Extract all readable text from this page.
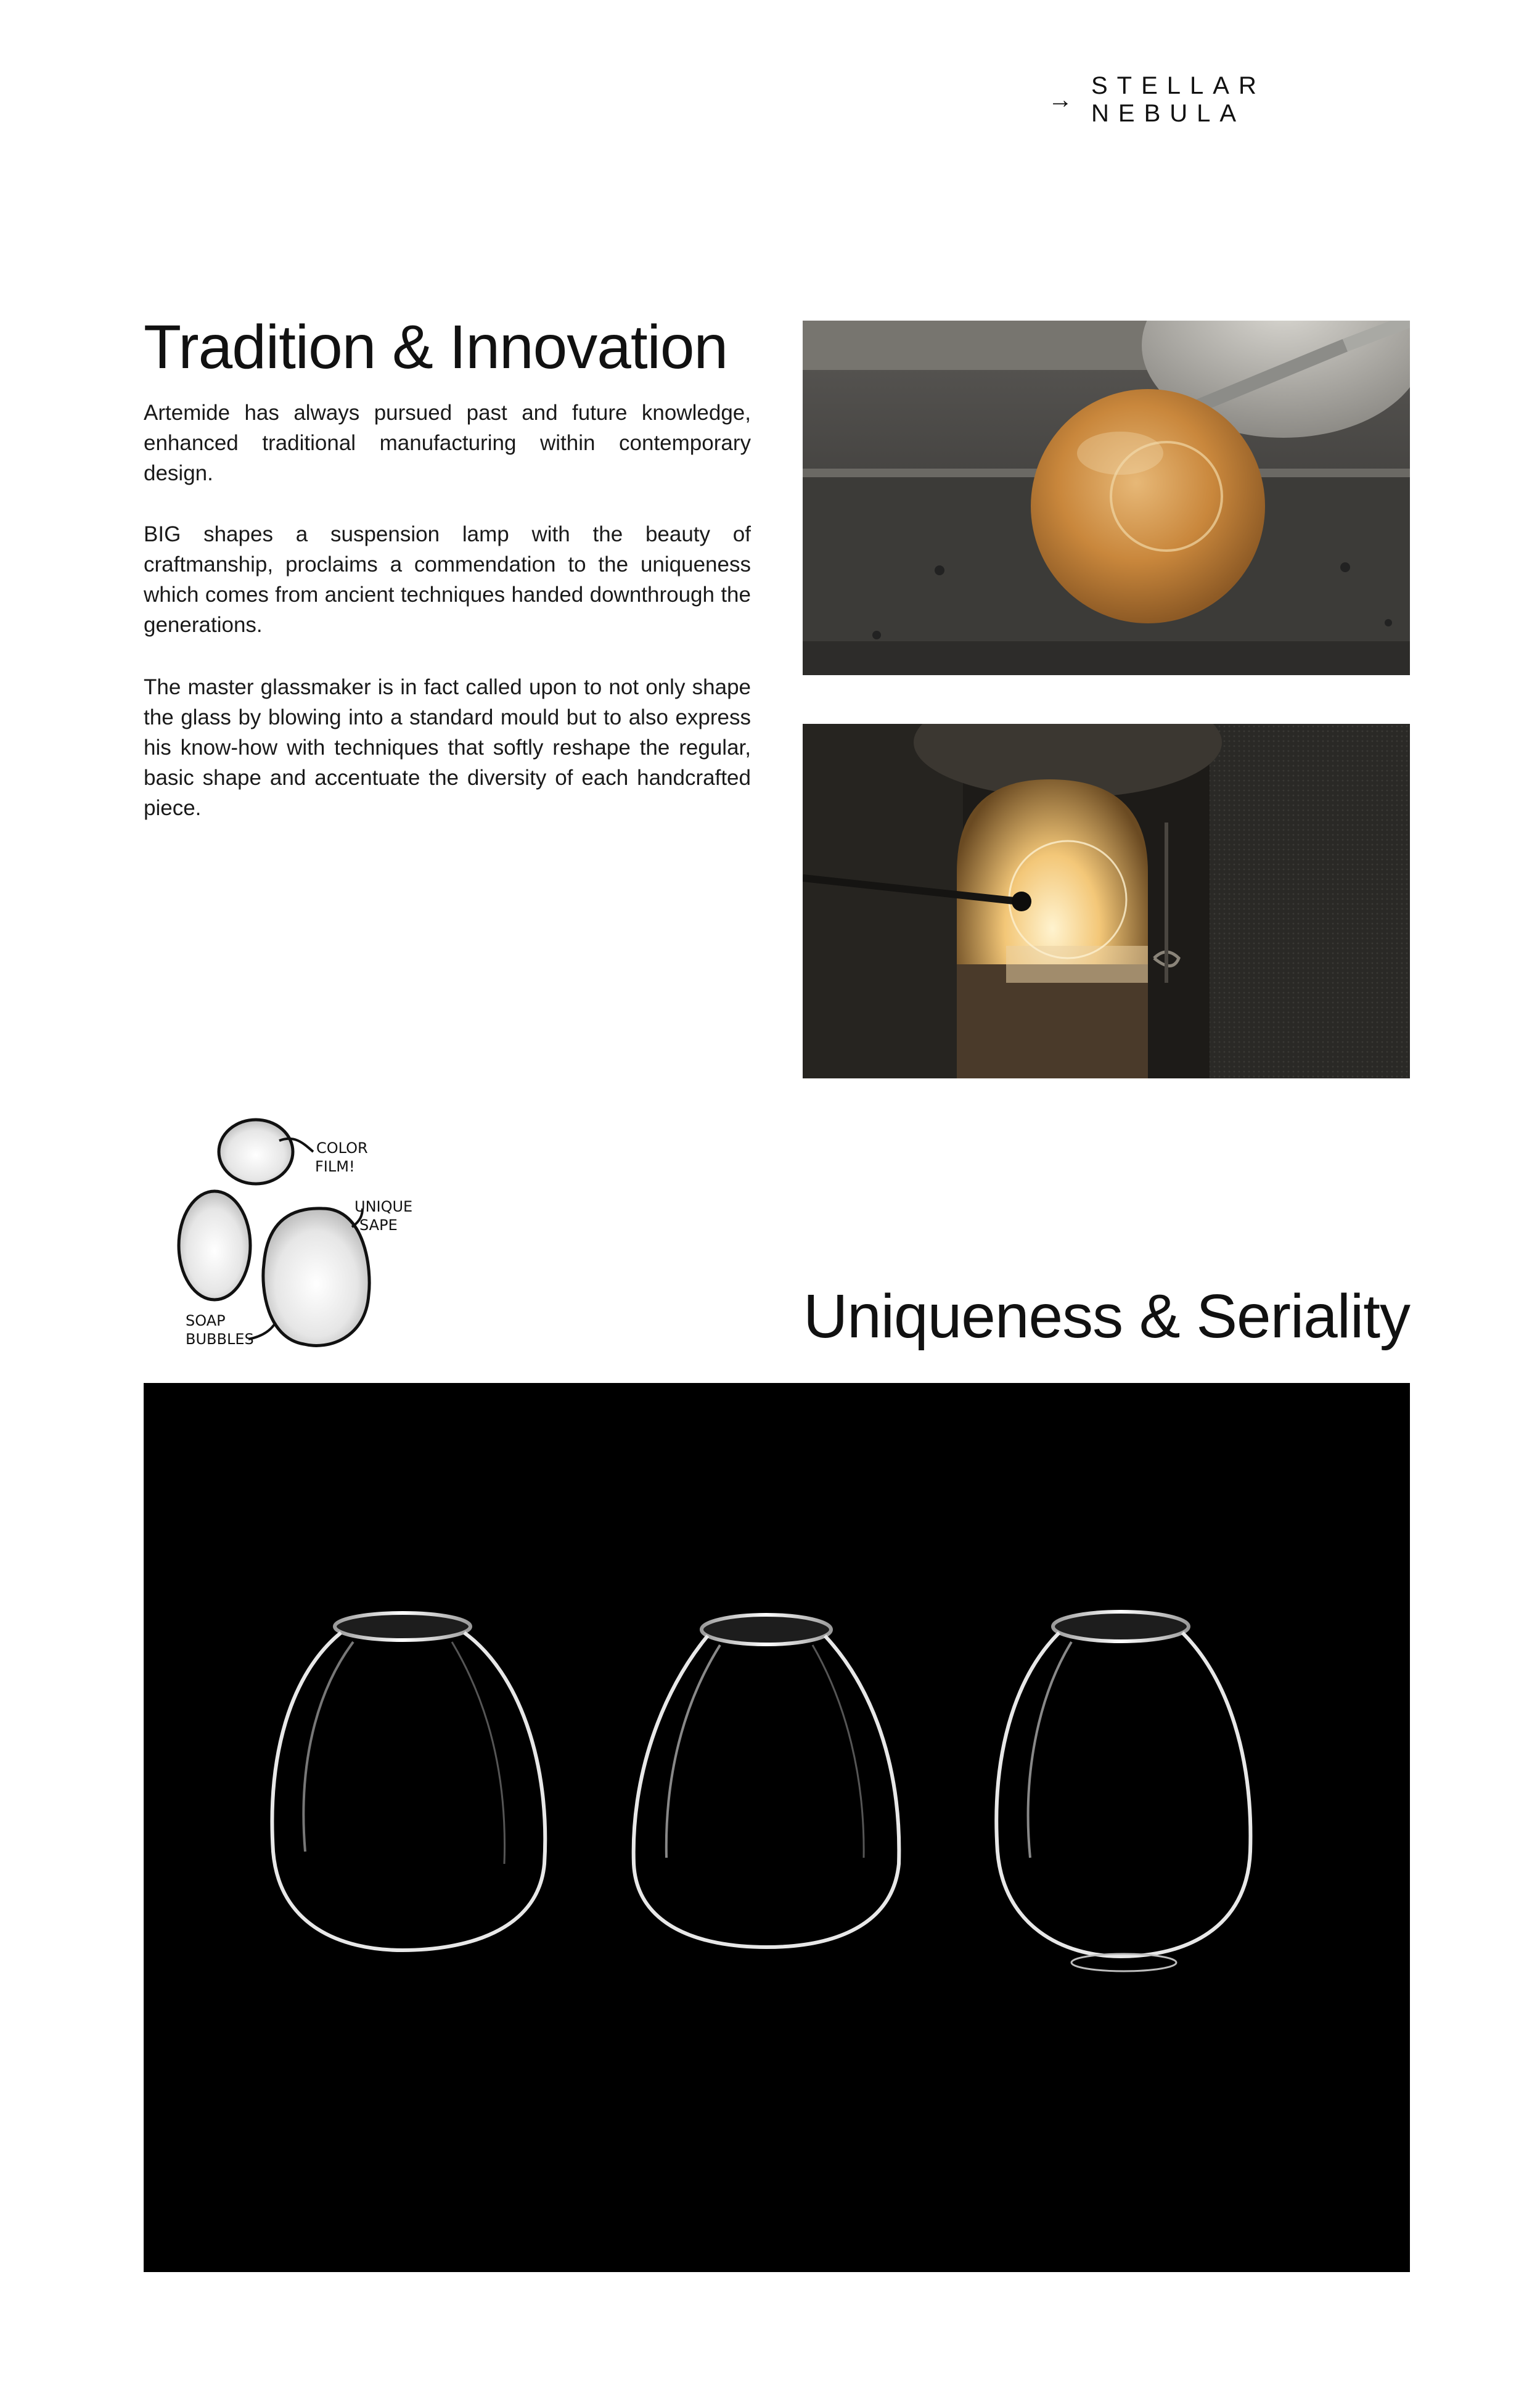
→
STELLAR NEBULA
Tradition & Innovation

Artemide has always pursued past and future knowledge, enhanced traditional manufacturing within contemporary design.

BIG shapes a suspension lamp with the beauty of craftmanship, proclaims a commendation to the uniqueness which comes from ancient techniques handed downthrough the generations.

The master glassmaker is in fact called upon to not only shape the glass by blowing into a standard mould but to also express his know-how with techniques that softly reshape the regular, basic shape and accentuate the diversity of each handcrafted piece.

COLOR
FILM!
UNIQUE
SAPE
SOAP
BUBBLES	Uniqueness & Seriality
